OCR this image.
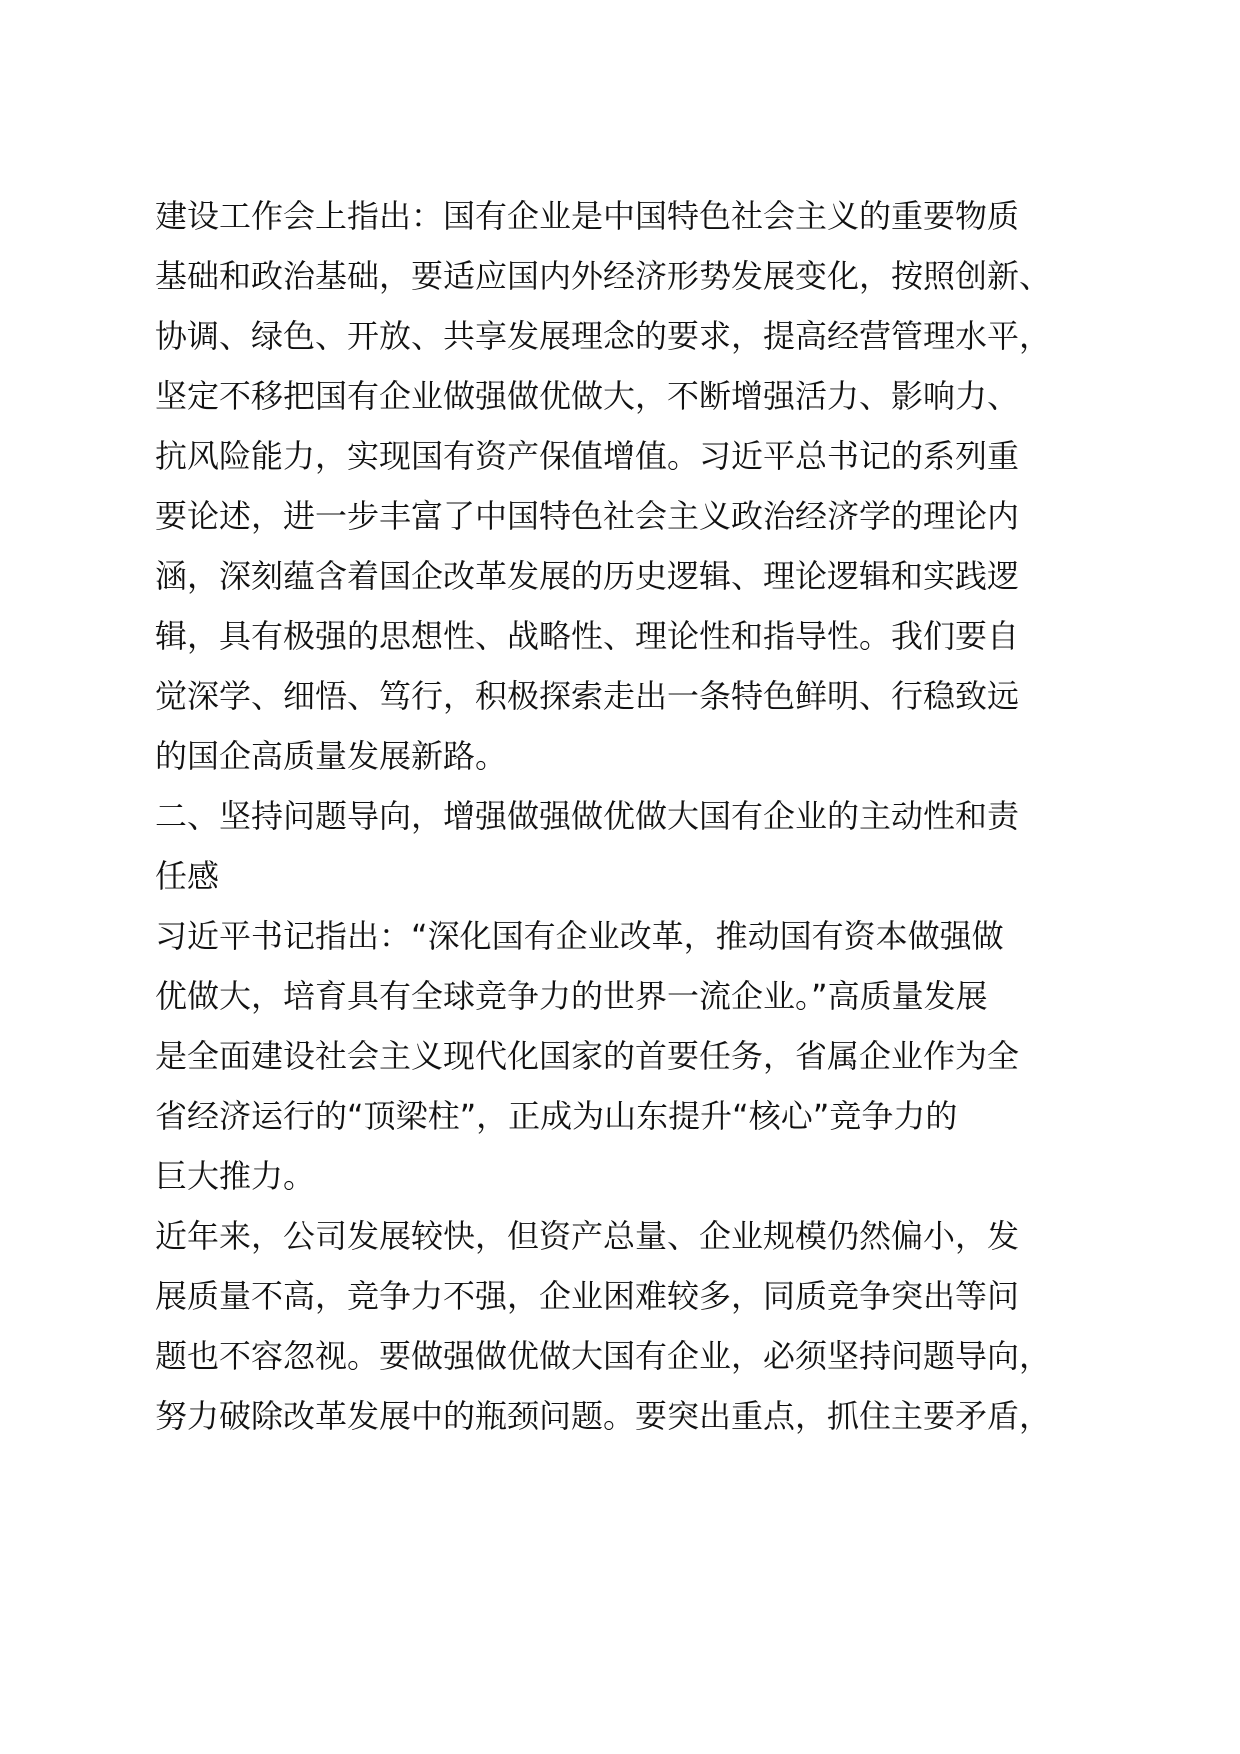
建设工作会上指出：国有企业是中国特色社会主义的重要物质
基础和政治基础，要适应国内外经济形势发展变化，按照创新、
协调、绿色、开放、共享发展理念的要求，提高经营管理水平，
坚定不移把国有企业做强做优做大，不断增强活力、影响力、
抗风险能力，实现国有资产保值增值。习近平总书记的系列重
要论述，进一步丰富了中国特色社会主义政治经济学的理论内
涵，深刻蕴含着国企改革发展的历史逻辑、理论逻辑和实践逻
辑，具有极强的思想性、战略性、理论性和指导性。我们要自
觉深学、细悟、笃行，积极探索走出一条特色鲜明、行稳致远
的国企高质量发展新路。
二、坚持问题导向，增强做强做优做大国有企业的主动性和责
任感
习近平书记指出：“深化国有企业改革，推动国有资本做强做
优做大，培育具有全球竞争力的世界一流企业。”高质量发展
是全面建设社会主义现代化国家的首要任务，省属企业作为全
省经济运行的“顶梁柱”，正成为山东提升“核心”竞争力的
巨大推力。
近年来，公司发展较快，但资产总量、企业规模仍然偏小，发
展质量不高，竞争力不强，企业困难较多，同质竞争突出等问
题也不容忽视。要做强做优做大国有企业，必须坚持问题导向，
努力破除改革发展中的瓶颈问题。要突出重点，抓住主要矛盾，
